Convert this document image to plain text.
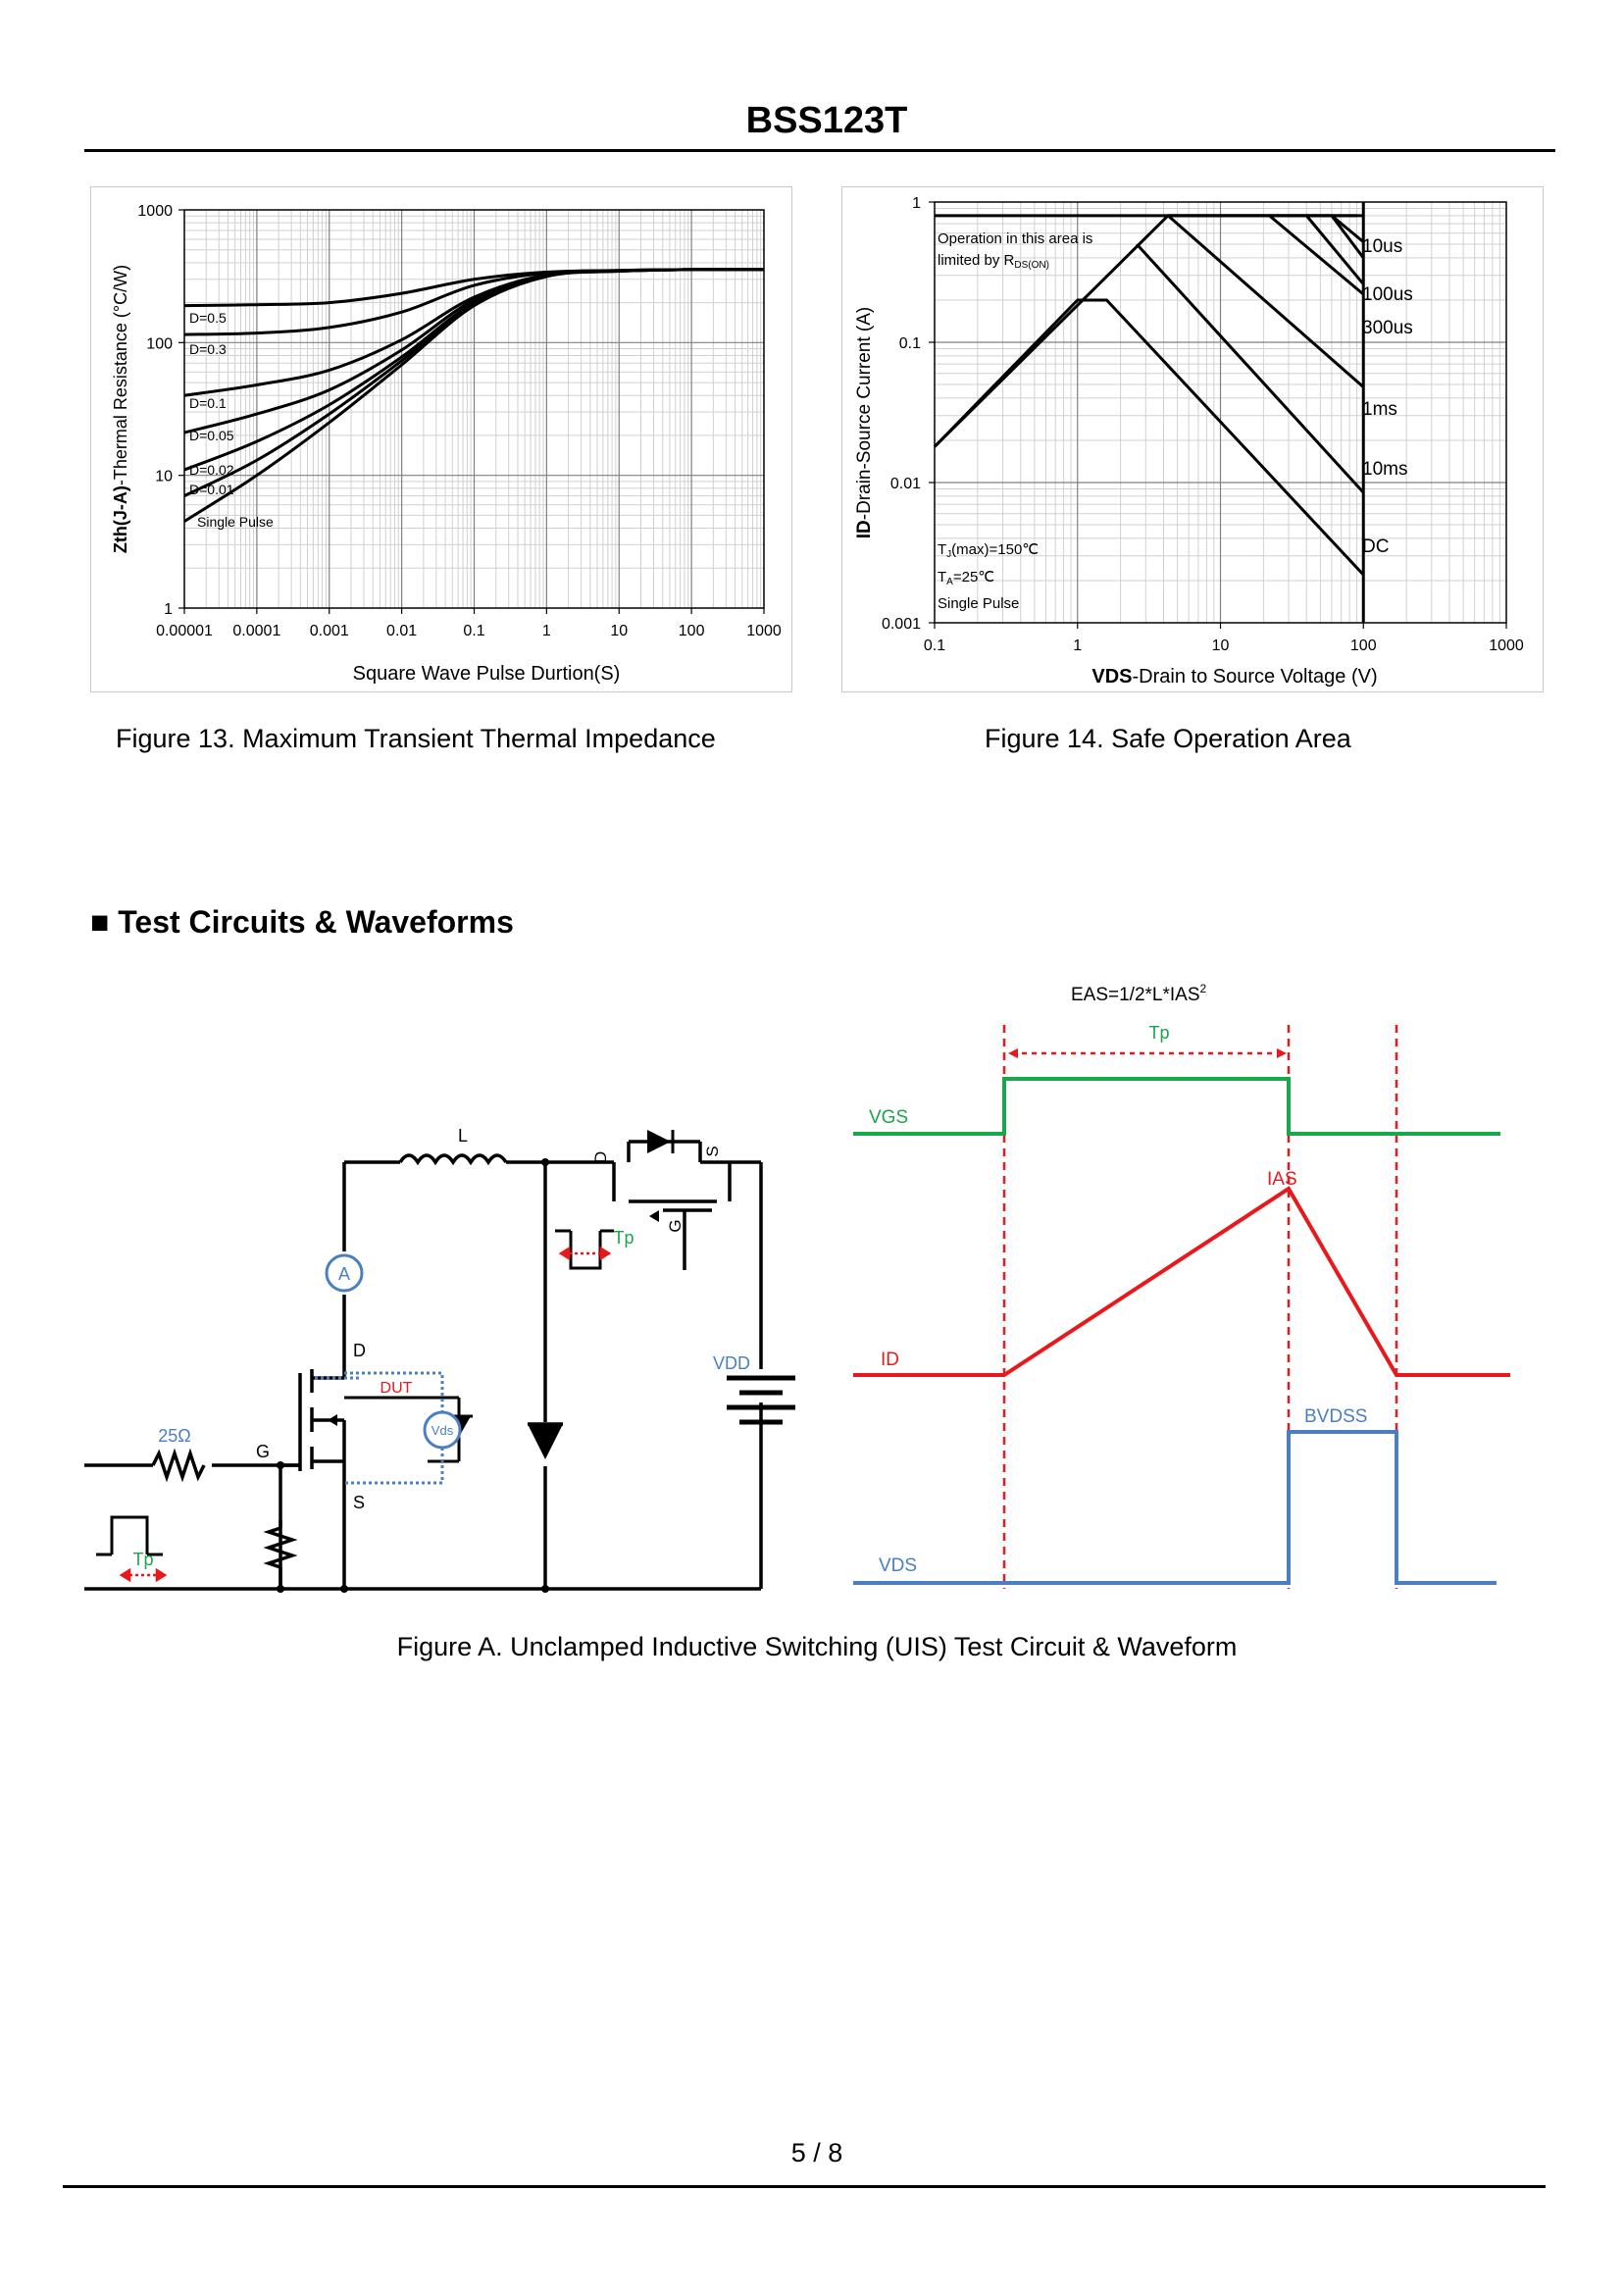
BSS123T
0.00001 0.0001 0.001 0.01	0.1	1	10	100	1000
1
10
100
1000
D=0.5
D=0.3
D=0.1
D=0.05
D=0.02
D=0.01
Single Pulse
Square Wave Pulse Durtion(S)
Zth(J-A)-Thermal Resistance (°C/W)
0.1	1	10	100	1000
0.001
0.01
0.1
1
10us
100us
300us
1ms
10ms
DC
Operation in this area is
limited by $R_{DS(ON)}$
$T_J(\max)=150℃$
$T_A=25℃$
Single Pulse
VDS-Drain to Source Voltage (V)
ID-Drain-Source Current (A)
Figure 13. Maximum Transient Thermal Impedance	Figure 14. Safe Operation Area
■ Test Circuits & Waveforms
L
D	S
G
Tp
A
D
S
G
DUT
Vds
25Ω
VDD
Tp
$EAS=1/2*L*IAS^2$
Tp
VGS
IAS
ID
BVDSS
VDS
Figure A. Unclamped Inductive Switching (UIS) Test Circuit & Waveform
5 / 8
